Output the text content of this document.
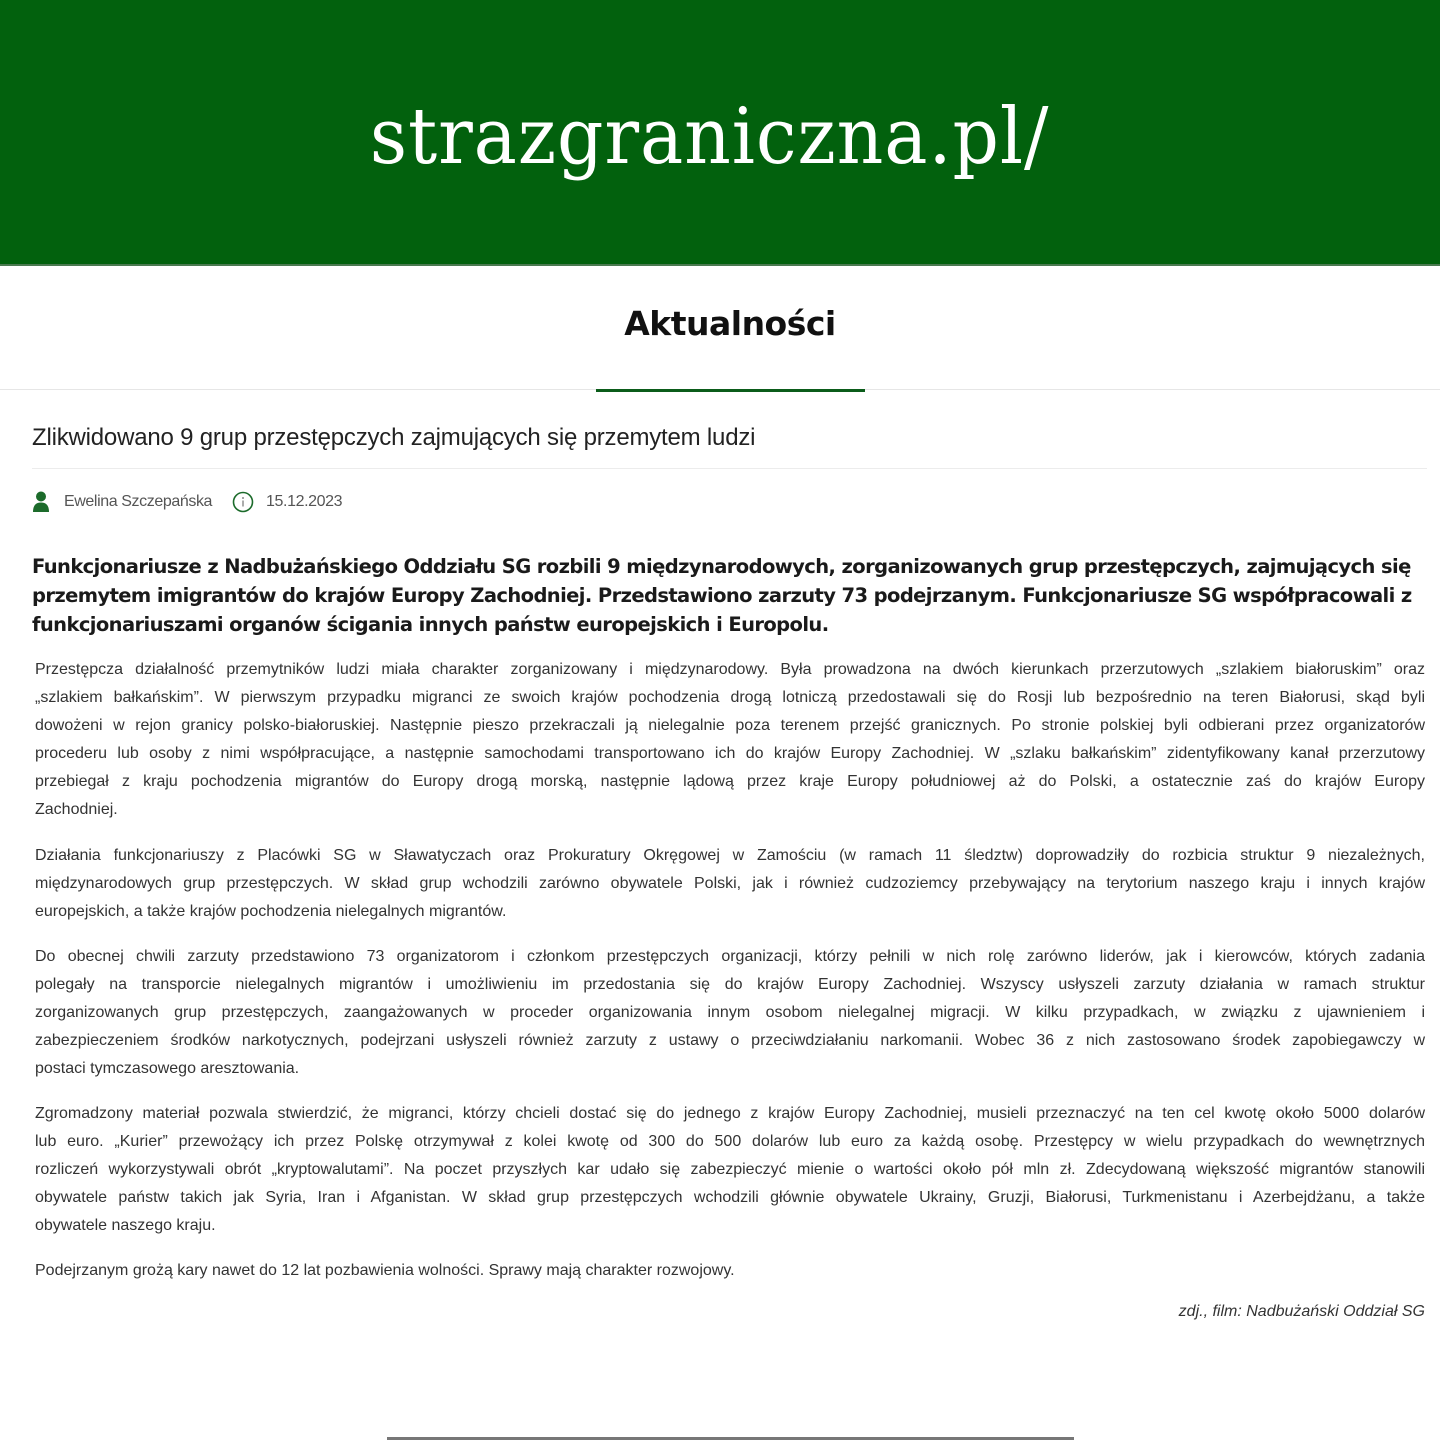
strazgraniczna.pl/
Aktualności
Zlikwidowano 9 grup przestępczych zajmujących się przemytem ludzi
Ewelina Szczepańska	15.12.2023
Funkcjonariusze z Nadbużańskiego Oddziału SG rozbili 9 międzynarodowych, zorganizowanych grup przestępczych, zajmujących się
przemytem imigrantów do krajów Europy Zachodniej. Przedstawiono zarzuty 73 podejrzanym. Funkcjonariusze SG współpracowali z
funkcjonariuszami organów ścigania innych państw europejskich i Europolu.
Przestępcza działalność przemytników ludzi miała charakter zorganizowany i międzynarodowy. Była prowadzona na dwóch kierunkach przerzutowych „szlakiem białoruskim” oraz
„szlakiem bałkańskim”. W pierwszym przypadku migranci ze swoich krajów pochodzenia drogą lotniczą przedostawali się do Rosji lub bezpośrednio na teren Białorusi, skąd byli
dowożeni w rejon granicy polsko-białoruskiej. Następnie pieszo przekraczali ją nielegalnie poza terenem przejść granicznych. Po stronie polskiej byli odbierani przez organizatorów
procederu lub osoby z nimi współpracujące, a następnie samochodami transportowano ich do krajów Europy Zachodniej. W „szlaku bałkańskim” zidentyfikowany kanał przerzutowy
przebiegał z kraju pochodzenia migrantów do Europy drogą morską, następnie lądową przez kraje Europy południowej aż do Polski, a ostatecznie zaś do krajów Europy
Zachodniej.
Działania funkcjonariuszy z Placówki SG w Sławatyczach oraz Prokuratury Okręgowej w Zamościu (w ramach 11 śledztw) doprowadziły do rozbicia struktur 9 niezależnych,
międzynarodowych grup przestępczych. W skład grup wchodzili zarówno obywatele Polski, jak i również cudzoziemcy przebywający na terytorium naszego kraju i innych krajów
europejskich, a także krajów pochodzenia nielegalnych migrantów.
Do obecnej chwili zarzuty przedstawiono 73 organizatorom i członkom przestępczych organizacji, którzy pełnili w nich rolę zarówno liderów, jak i kierowców, których zadania
polegały na transporcie nielegalnych migrantów i umożliwieniu im przedostania się do krajów Europy Zachodniej. Wszyscy usłyszeli zarzuty działania w ramach struktur
zorganizowanych grup przestępczych, zaangażowanych w proceder organizowania innym osobom nielegalnej migracji. W kilku przypadkach, w związku z ujawnieniem i
zabezpieczeniem środków narkotycznych, podejrzani usłyszeli również zarzuty z ustawy o przeciwdziałaniu narkomanii. Wobec 36 z nich zastosowano środek zapobiegawczy w
postaci tymczasowego aresztowania.
Zgromadzony materiał pozwala stwierdzić, że migranci, którzy chcieli dostać się do jednego z krajów Europy Zachodniej, musieli przeznaczyć na ten cel kwotę około 5000 dolarów
lub euro. „Kurier” przewożący ich przez Polskę otrzymywał z kolei kwotę od 300 do 500 dolarów lub euro za każdą osobę. Przestępcy w wielu przypadkach do wewnętrznych
rozliczeń wykorzystywali obrót „kryptowalutami”. Na poczet przyszłych kar udało się zabezpieczyć mienie o wartości około pół mln zł. Zdecydowaną większość migrantów stanowili
obywatele państw takich jak Syria, Iran i Afganistan. W skład grup przestępczych wchodzili głównie obywatele Ukrainy, Gruzji, Białorusi, Turkmenistanu i Azerbejdżanu, a także
obywatele naszego kraju.
Podejrzanym grożą kary nawet do 12 lat pozbawienia wolności. Sprawy mają charakter rozwojowy.
zdj., film: Nadbużański Oddział SG
